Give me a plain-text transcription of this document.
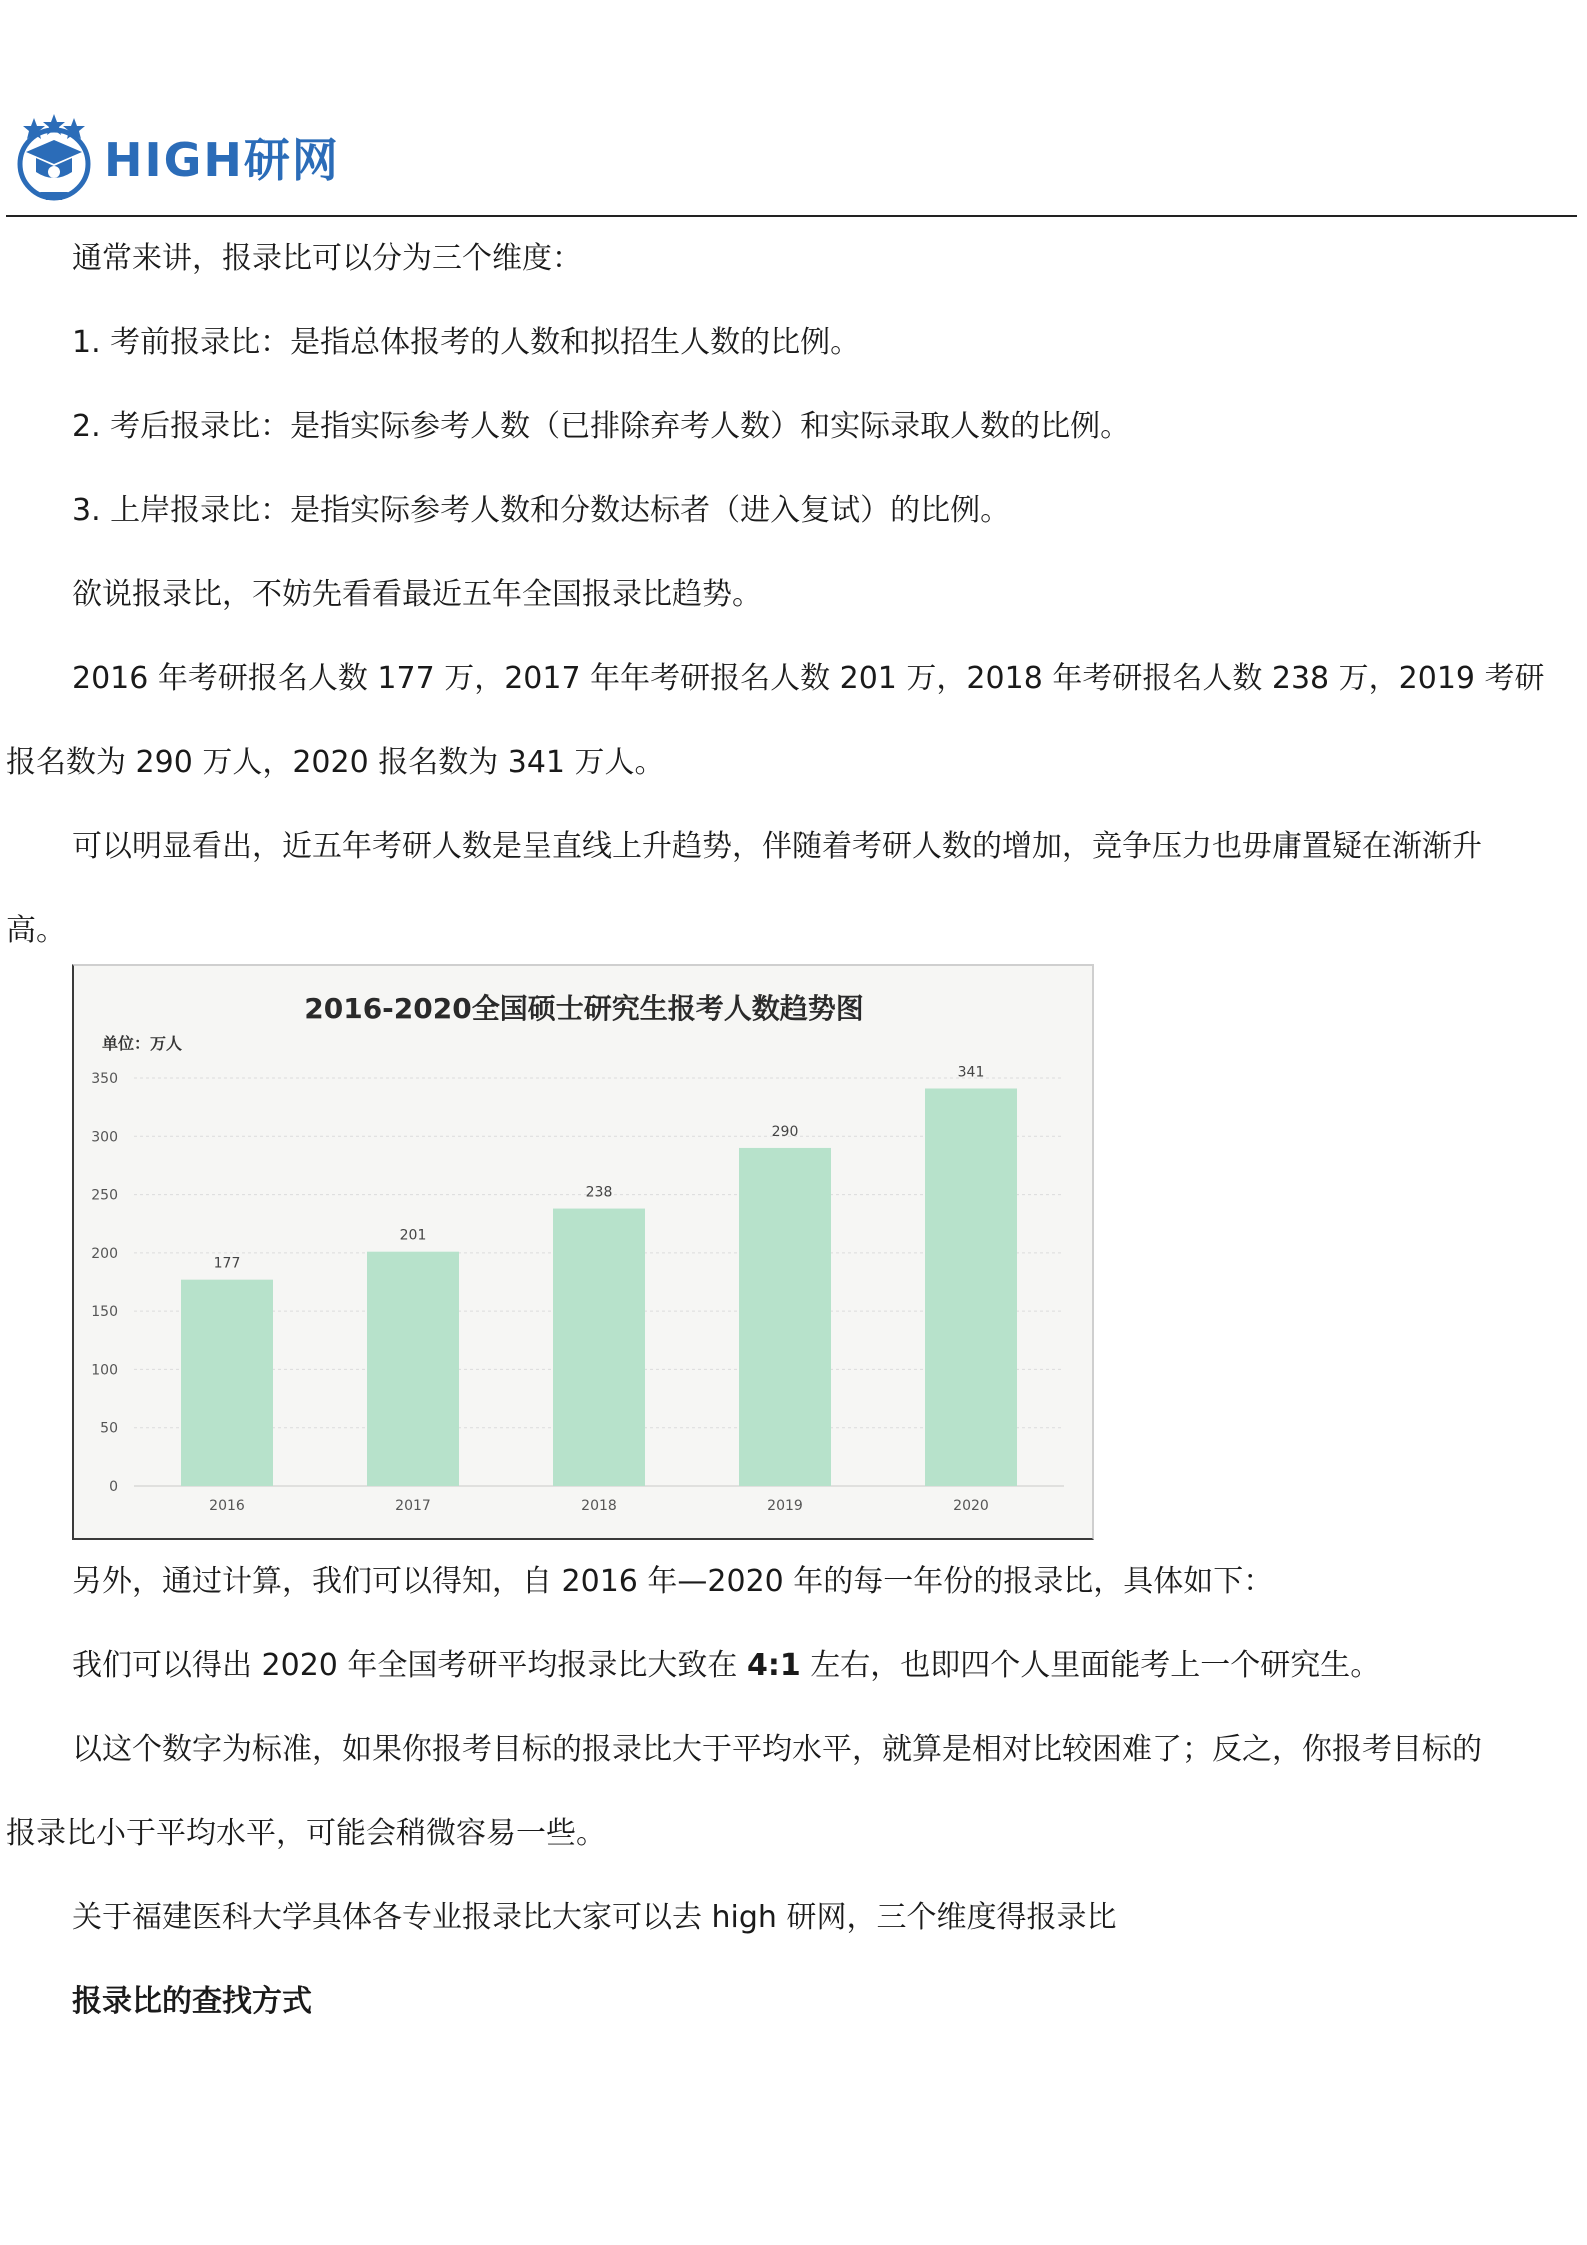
HIGH研网

通常来讲，报录比可以分为三个维度：

1. 考前报录比：是指总体报考的人数和拟招生人数的比例。

2. 考后报录比：是指实际参考人数（已排除弃考人数）和实际录取人数的比例。

3. 上岸报录比：是指实际参考人数和分数达标者（进入复试）的比例。

欲说报录比，不妨先看看最近五年全国报录比趋势。

2016 年考研报名人数 177 万，2017 年年考研报名人数 201 万，2018 年考研报名人数 238 万，2019 考研
报名数为 290 万人，2020 报名数为 341 万人。

可以明显看出，近五年考研人数是呈直线上升趋势，伴随着考研人数的增加，竞争压力也毋庸置疑在渐渐升
高。

2016-2020全国硕士研究生报考人数趋势图
单位：万人
0
50
100
150
200
250
300
350
177
2016
201
2017
238
2018
290
2019
341
2020

另外，通过计算，我们可以得知，自 2016 年—2020 年的每一年份的报录比，具体如下：

我们可以得出 2020 年全国考研平均报录比大致在 4:1 左右，也即四个人里面能考上一个研究生。

以这个数字为标准，如果你报考目标的报录比大于平均水平，就算是相对比较困难了；反之，你报考目标的
报录比小于平均水平，可能会稍微容易一些。

关于福建医科大学具体各专业报录比大家可以去 high 研网，三个维度得报录比

报录比的查找方式
